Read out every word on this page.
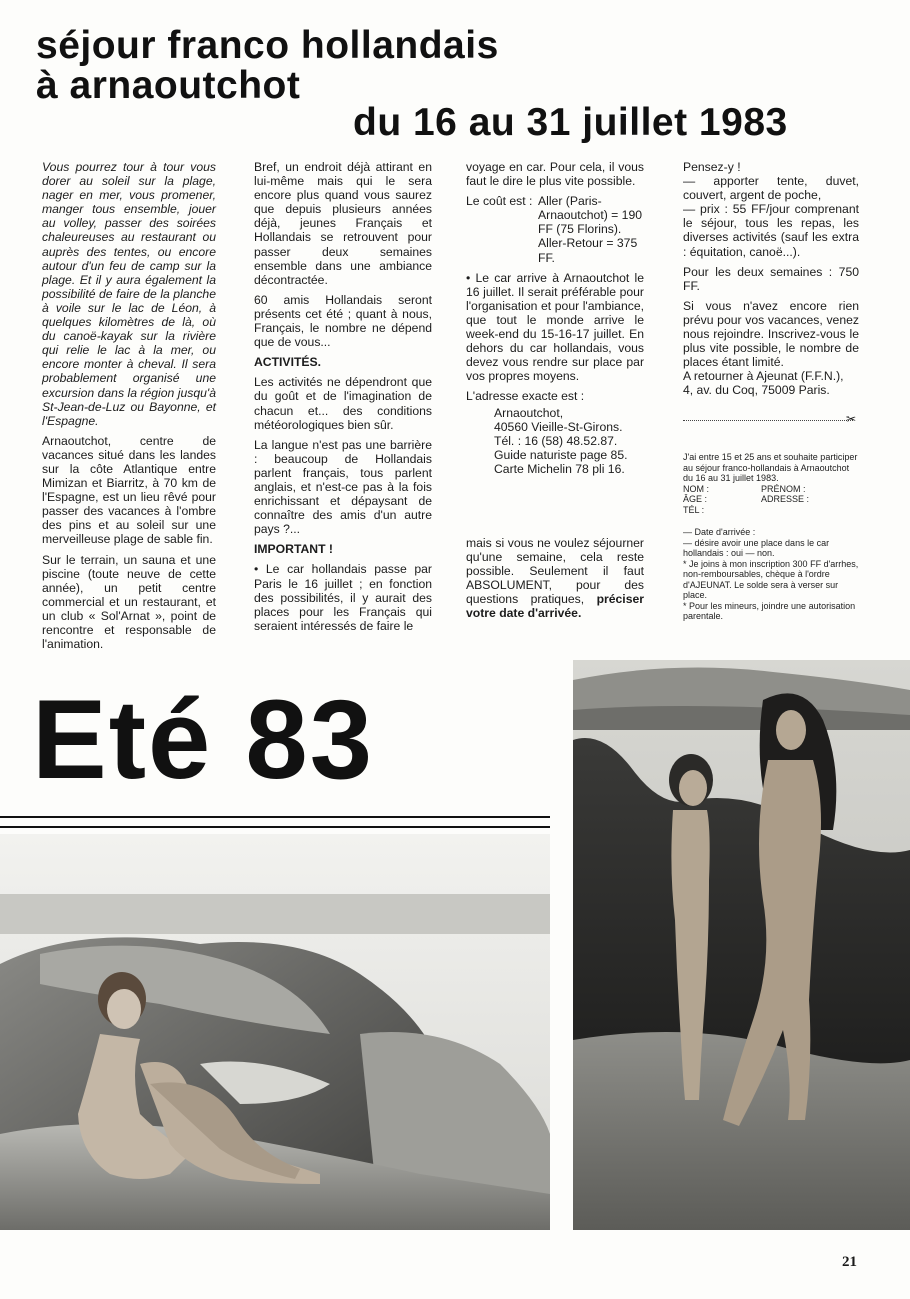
séjour franco hollandais
à arnaoutchot
du 16 au 31 juillet 1983

Vous pourrez tour à tour vous dorer au soleil sur la plage, nager en mer, vous promener, manger tous ensemble, jouer au volley, passer des soirées chaleureuses au restaurant ou auprès des tentes, ou encore autour d'un feu de camp sur la plage. Et il y aura également la possibilité de faire de la planche à voile sur le lac de Léon, à quelques kilomètres de là, où du canoë-kayak sur la rivière qui relie le lac à la mer, ou encore monter à cheval. Il sera probablement organisé une excursion dans la région jusqu'à St-Jean-de-Luz ou Bayonne, et l'Espagne.

Arnaoutchot, centre de vacances situé dans les landes sur la côte Atlantique entre Mimizan et Biarritz, à 70 km de l'Espagne, est un lieu rêvé pour passer des vacances à l'ombre des pins et au soleil sur une merveilleuse plage de sable fin.

Sur le terrain, un sauna et une piscine (toute neuve de cette année), un petit centre commercial et un restaurant, et un club « Sol'Arnat », point de rencontre et responsable de l'animation.

Bref, un endroit déjà attirant en lui-même mais qui le sera encore plus quand vous saurez que depuis plusieurs années déjà, jeunes Français et Hollandais se retrouvent pour passer deux semaines ensemble dans une ambiance décontractée.

60 amis Hollandais seront présents cet été ; quant à nous, Français, le nombre ne dépend que de vous...

ACTIVITÉS.

Les activités ne dépendront que du goût et de l'imagination de chacun et... des conditions météorologiques bien sûr.

La langue n'est pas une barrière : beaucoup de Hollandais parlent français, tous parlent anglais, et n'est-ce pas à la fois enrichissant et dépaysant de connaître des amis d'un autre pays ?...

IMPORTANT !

• Le car hollandais passe par Paris le 16 juillet ; en fonction des possibilités, il y aurait des places pour les Français qui seraient intéressés de faire le

voyage en car. Pour cela, il vous faut le dire le plus vite possible.

Le coût est : Aller (Paris-Arnaoutchot) = 190 FF (75 Florins). Aller-Retour = 375 FF.

• Le car arrive à Arnaoutchot le 16 juillet. Il serait préférable pour l'organisation et pour l'ambiance, que tout le monde arrive le week-end du 15-16-17 juillet. En dehors du car hollandais, vous devez vous rendre sur place par vos propres moyens.

L'adresse exacte est :

Arnaoutchot,
40560 Vieille-St-Girons.
Tél. : 16 (58) 48.52.87.
Guide naturiste page 85.
Carte Michelin 78 pli 16.

mais si vous ne voulez séjourner qu'une semaine, cela reste possible. Seulement il faut ABSOLUMENT, pour des questions pratiques, préciser votre date d'arrivée.

Pensez-y !

— apporter tente, duvet, couvert, argent de poche,

— prix : 55 FF/jour comprenant le séjour, tous les repas, les diverses activités (sauf les extra : équitation, canoë...).

Pour les deux semaines : 750 FF.

Si vous n'avez encore rien prévu pour vos vacances, venez nous rejoindre. Inscrivez-vous le plus vite possible, le nombre de places étant limité.

A retourner à Ajeunat (F.F.N.),

4, av. du Coq, 75009 Paris.

✂

J'ai entre 15 et 25 ans et souhaite participer au séjour franco-hollandais à Arnaoutchot du 16 au 31 juillet 1983.

NOM :	PRÉNOM :
ÂGE :	ADRESSE :
TÉL :
— Date d'arrivée :
— désire avoir une place dans le car hollandais : oui — non.
* Je joins à mon inscription 300 FF d'arrhes, non-remboursables, chèque à l'ordre d'AJEUNAT. Le solde sera à verser sur place.
* Pour les mineurs, joindre une autorisation parentale.
Eté 83
21
